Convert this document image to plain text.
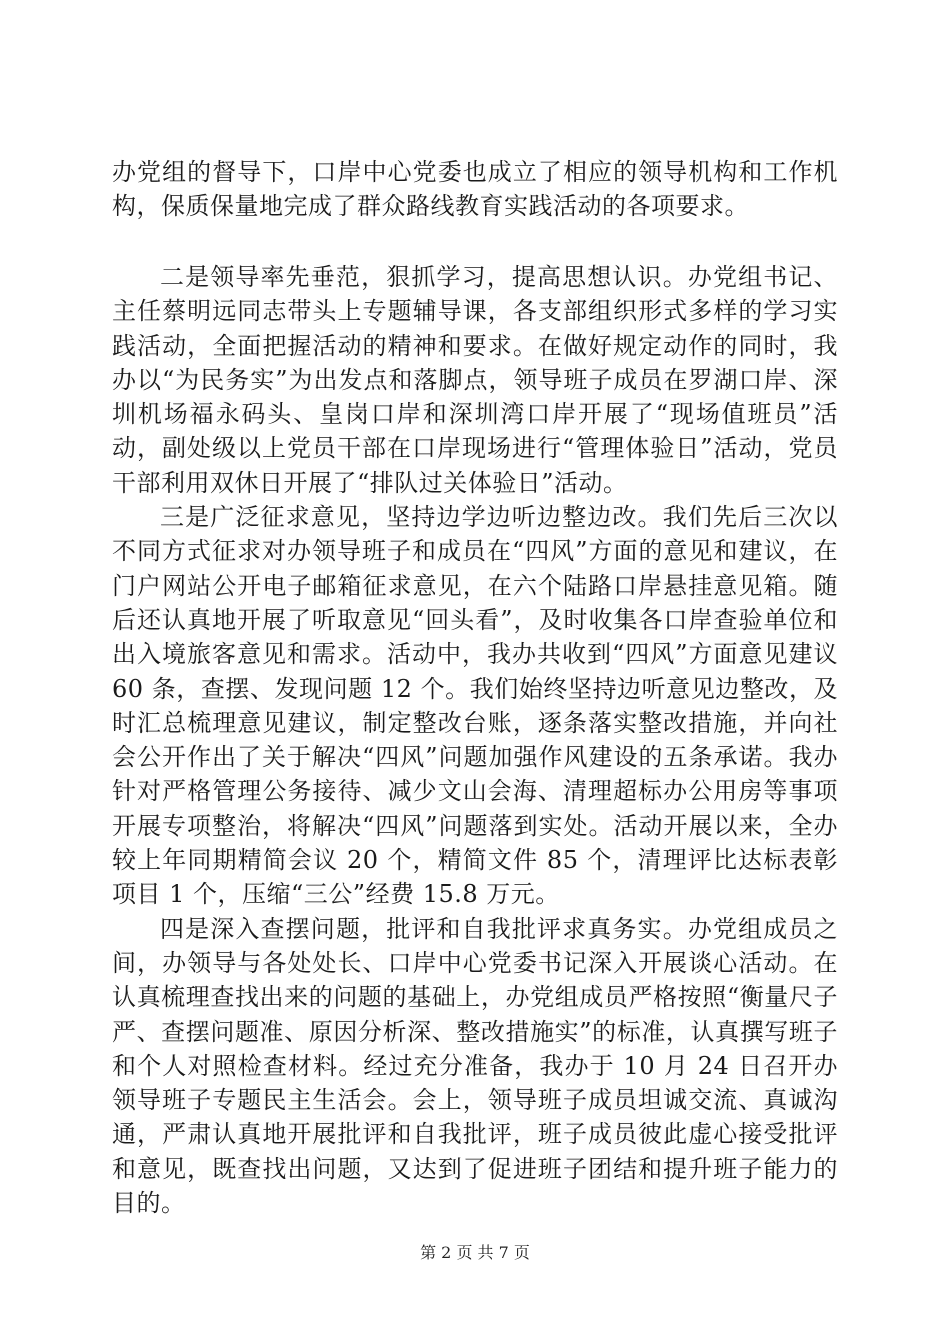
办党组的督导下，口岸中心党委也成立了相应的领导机构和工作机构，保质保量地完成了群众路线教育实践活动的各项要求。

二是领导率先垂范，狠抓学习，提高思想认识。办党组书记、主任蔡明远同志带头上专题辅导课，各支部组织形式多样的学习实践活动，全面把握活动的精神和要求。在做好规定动作的同时，我办以“为民务实”为出发点和落脚点，领导班子成员在罗湖口岸、深圳机场福永码头、皇岗口岸和深圳湾口岸开展了“现场值班员”活动，副处级以上党员干部在口岸现场进行“管理体验日”活动，党员干部利用双休日开展了“排队过关体验日”活动。

三是广泛征求意见，坚持边学边听边整边改。我们先后三次以不同方式征求对办领导班子和成员在“四风”方面的意见和建议，在门户网站公开电子邮箱征求意见，在六个陆路口岸悬挂意见箱。随后还认真地开展了听取意见“回头看”，及时收集各口岸查验单位和出入境旅客意见和需求。活动中，我办共收到“四风”方面意见建议 60 条，查摆、发现问题 12 个。我们始终坚持边听意见边整改，及时汇总梳理意见建议，制定整改台账，逐条落实整改措施，并向社会公开作出了关于解决“四风”问题加强作风建设的五条承诺。我办针对严格管理公务接待、减少文山会海、清理超标办公用房等事项开展专项整治，将解决“四风”问题落到实处。活动开展以来，全办较上年同期精简会议 20 个，精简文件 85 个，清理评比达标表彰项目 1 个，压缩“三公”经费 15.8 万元。

四是深入查摆问题，批评和自我批评求真务实。办党组成员之间，办领导与各处处长、口岸中心党委书记深入开展谈心活动。在认真梳理查找出来的问题的基础上，办党组成员严格按照“衡量尺子严、查摆问题准、原因分析深、整改措施实”的标准，认真撰写班子和个人对照检查材料。经过充分准备，我办于 10 月 24 日召开办领导班子专题民主生活会。会上，领导班子成员坦诚交流、真诚沟通，严肃认真地开展批评和自我批评，班子成员彼此虚心接受批评和意见，既查找出问题，又达到了促进班子团结和提升班子能力的目的。

第 2 页 共 7 页
